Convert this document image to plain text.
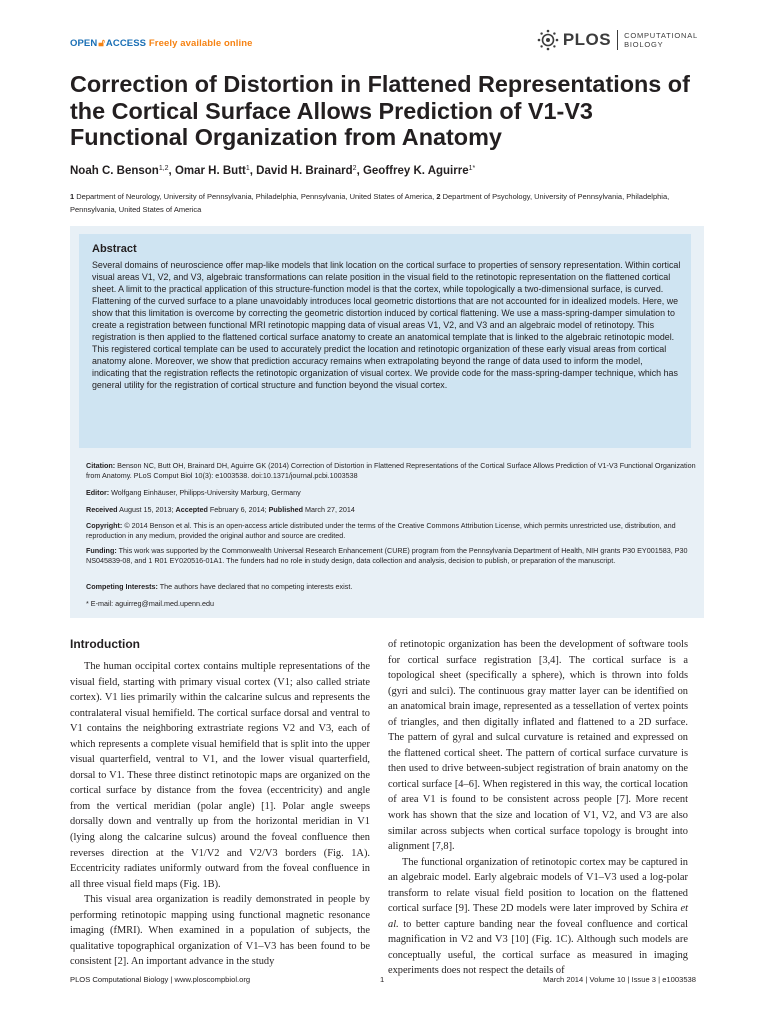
OPEN🔓︎ACCESS Freely available online	PLOS COMPUTATIONAL
BIOLOGY
Correction of Distortion in Flattened Representations of the Cortical Surface Allows Prediction of V1-V3 Functional Organization from Anatomy
Noah C. Benson$^{1,2}$, Omar H. Butt$^1$, David H. Brainard$^2$, Geoffrey K. Aguirre$^{1*}$
1 Department of Neurology, University of Pennsylvania, Philadelphia, Pennsylvania, United States of America, 2 Department of Psychology, University of Pennsylvania, Philadelphia, Pennsylvania, United States of America
Abstract

Several domains of neuroscience offer map-like models that link location on the cortical surface to properties of sensory representation. Within cortical visual areas V1, V2, and V3, algebraic transformations can relate position in the visual field to the retinotopic representation on the flattened cortical sheet. A limit to the practical application of this structure-function model is that the cortex, while topologically a two-dimensional surface, is curved. Flattening of the curved surface to a plane unavoidably introduces local geometric distortions that are not accounted for in idealized models. Here, we show that this limitation is overcome by correcting the geometric distortion induced by cortical flattening. We use a mass-spring-damper simulation to create a registration between functional MRI retinotopic mapping data of visual areas V1, V2, and V3 and an algebraic model of retinotopy. This registration is then applied to the flattened cortical surface anatomy to create an anatomical template that is linked to the algebraic retinotopic model. This registered cortical template can be used to accurately predict the location and retinotopic organization of these early visual areas from cortical anatomy alone. Moreover, we show that prediction accuracy remains when extrapolating beyond the range of data used to inform the model, indicating that the registration reflects the retinotopic organization of visual cortex. We provide code for the mass-spring-damper technique, which has general utility for the registration of cortical structure and function beyond the visual cortex.

Citation: Benson NC, Butt OH, Brainard DH, Aguirre GK (2014) Correction of Distortion in Flattened Representations of the Cortical Surface Allows Prediction of V1-V3 Functional Organization from Anatomy. PLoS Comput Biol 10(3): e1003538. doi:10.1371/journal.pcbi.1003538

Editor: Wolfgang Einhäuser, Philipps-University Marburg, Germany

Received August 15, 2013; Accepted February 6, 2014; Published March 27, 2014

Copyright: © 2014 Benson et al. This is an open-access article distributed under the terms of the Creative Commons Attribution License, which permits unrestricted use, distribution, and reproduction in any medium, provided the original author and source are credited.

Funding: This work was supported by the Commonwealth Universal Research Enhancement (CURE) program from the Pennsylvania Department of Health, NIH grants P30 EY001583, P30 NS045839-08, and 1 R01 EY020516-01A1. The funders had no role in study design, data collection and analysis, decision to publish, or preparation of the manuscript.

Competing Interests: The authors have declared that no competing interests exist.

* E-mail: aguirreg@mail.med.upenn.edu

Introduction

The human occipital cortex contains multiple representations of the visual field, starting with primary visual cortex (V1; also called striate cortex). V1 lies primarily within the calcarine sulcus and represents the contralateral visual hemifield. The cortical surface dorsal and ventral to V1 contains the neighboring extrastriate regions V2 and V3, each of which represents a complete visual hemifield that is split into the upper visual quarterfield, ventral to V1, and the lower visual quarterfield, dorsal to V1. These three distinct retinotopic maps are organized on the cortical surface by distance from the fovea (eccentricity) and angle from the vertical meridian (polar angle) [1]. Polar angle sweeps dorsally down and ventrally up from the horizontal meridian in V1 (lying along the calcarine sulcus) around the foveal confluence then reverses direction at the V1/V2 and V2/V3 borders (Fig. 1A). Eccentricity radiates uniformly outward from the foveal confluence in all three visual field maps (Fig. 1B).

This visual area organization is readily demonstrated in people by performing retinotopic mapping using functional magnetic resonance imaging (fMRI). When examined in a population of subjects, the qualitative topographical organization of V1–V3 has been found to be consistent [2]. An important advance in the study

of retinotopic organization has been the development of software tools for cortical surface registration [3,4]. The cortical surface is a topological sheet (specifically a sphere), which is thrown into folds (gyri and sulci). The continuous gray matter layer can be identified on an anatomical brain image, represented as a tessellation of vertex points of triangles, and then digitally inflated and flattened to a 2D surface. The pattern of gyral and sulcal curvature is retained and expressed on the flattened cortical sheet. The pattern of cortical surface curvature is then used to drive between-subject registration of brain anatomy on the cortical surface [4–6]. When registered in this way, the cortical location of area V1 is found to be consistent across people [7]. More recent work has shown that the size and location of V1, V2, and V3 are also similar across subjects when cortical surface topology is brought into alignment [7,8].

The functional organization of retinotopic cortex may be captured in an algebraic model. Early algebraic models of V1–V3 used a log-polar transform to relate visual field position to location on the flattened cortical surface [9]. These 2D models were later improved by Schira et al. to better capture banding near the foveal confluence and cortical magnification in V2 and V3 [10] (Fig. 1C). Although such models are conceptually useful, the cortical surface as measured in imaging experiments does not respect the details of

PLOS Computational Biology | www.ploscompbiol.org	1	March 2014 | Volume 10 | Issue 3 | e1003538
